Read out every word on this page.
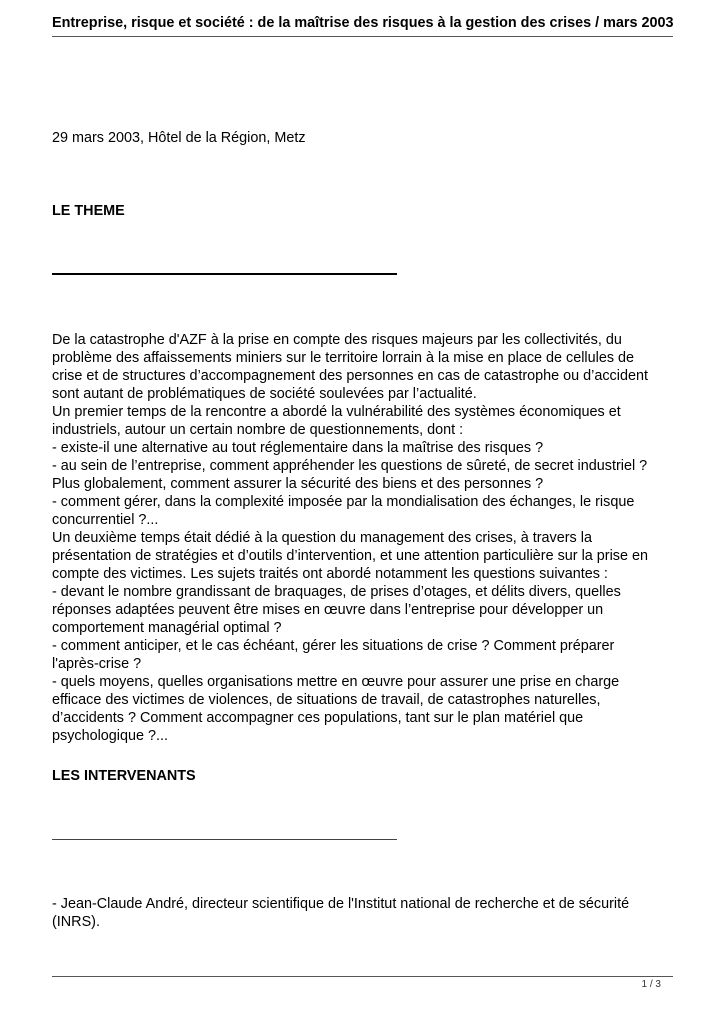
Entreprise, risque et société : de la maîtrise des risques à la gestion des crises / mars 2003
29 mars 2003, Hôtel de la Région, Metz
LE THEME

De la catastrophe d'AZF à la prise en compte des risques majeurs par les collectivités, du

problème des affaissements miniers sur le territoire lorrain à la mise en place de cellules de

crise et de structures d’accompagnement des personnes en cas de catastrophe ou d’accident

sont autant de problématiques de société soulevées par l’actualité.

Un premier temps de la rencontre a abordé la vulnérabilité des systèmes économiques et

industriels, autour un certain nombre de questionnements, dont :

- existe-il une alternative au tout réglementaire dans la maîtrise des risques ?

- au sein de l’entreprise, comment appréhender les questions de sûreté, de secret industriel ?

Plus globalement, comment assurer la sécurité des biens et des personnes ?

- comment gérer, dans la complexité imposée par la mondialisation des échanges, le risque

concurrentiel ?...

Un deuxième temps était dédié à la question du management des crises, à travers la

présentation de stratégies et d’outils d’intervention, et une attention particulière sur la prise en

compte des victimes. Les sujets traités ont abordé notamment les questions suivantes :

- devant le nombre grandissant de braquages, de prises d’otages, et délits divers, quelles

réponses adaptées peuvent être mises en œuvre dans l’entreprise pour développer un

comportement managérial optimal ?

- comment anticiper, et le cas échéant, gérer les situations de crise ? Comment préparer

l'après-crise ?

- quels moyens, quelles organisations mettre en œuvre pour assurer une prise en charge

efficace des victimes de violences, de situations de travail, de catastrophes naturelles,

d’accidents ? Comment accompagner ces populations, tant sur le plan matériel que

psychologique ?...

LES INTERVENANTS

- Jean-Claude André, directeur scientifique de l'Institut national de recherche et de sécurité

(INRS).

1 / 3
